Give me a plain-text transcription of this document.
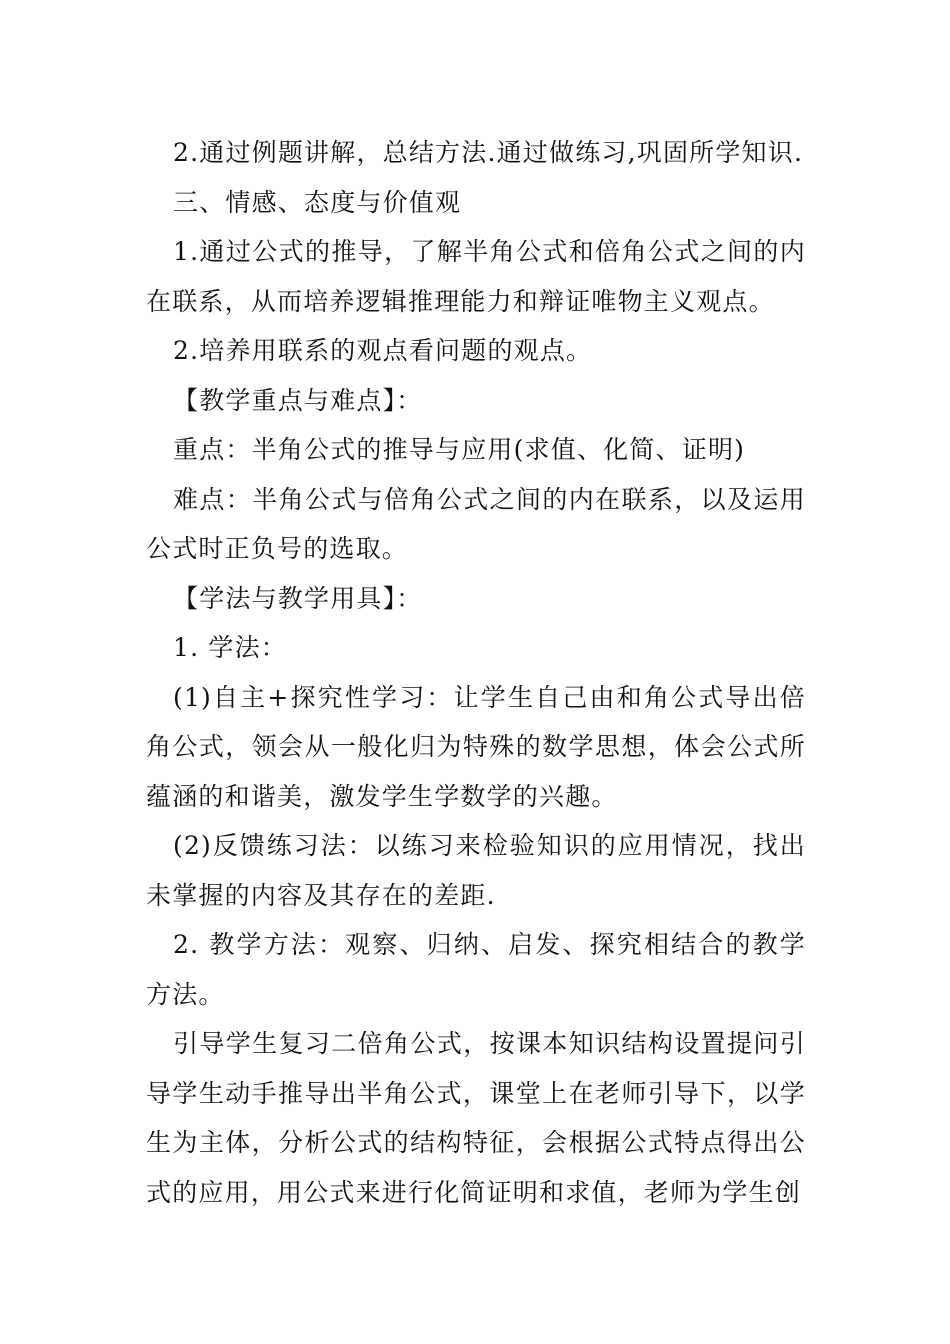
2.通过例题讲解，总结方法.通过做练习,巩固所学知识.

三、情感、态度与价值观

1.通过公式的推导，了解半角公式和倍角公式之间的内在联系，从而培养逻辑推理能力和辩证唯物主义观点。

2.培养用联系的观点看问题的观点。

【教学重点与难点】：

重点：半角公式的推导与应用(求值、化简、证明)

难点：半角公式与倍角公式之间的内在联系，以及运用公式时正负号的选取。

【学法与教学用具】：

1. 学法：

(1)自主+探究性学习：让学生自己由和角公式导出倍角公式，领会从一般化归为特殊的数学思想，体会公式所蕴涵的和谐美，激发学生学数学的兴趣。

(2)反馈练习法：以练习来检验知识的应用情况，找出未掌握的内容及其存在的差距.

2. 教学方法：观察、归纳、启发、探究相结合的教学方法。

引导学生复习二倍角公式，按课本知识结构设置提问引导学生动手推导出半角公式，课堂上在老师引导下，以学生为主体，分析公式的结构特征，会根据公式特点得出公式的应用，用公式来进行化简证明和求值，老师为学生创
